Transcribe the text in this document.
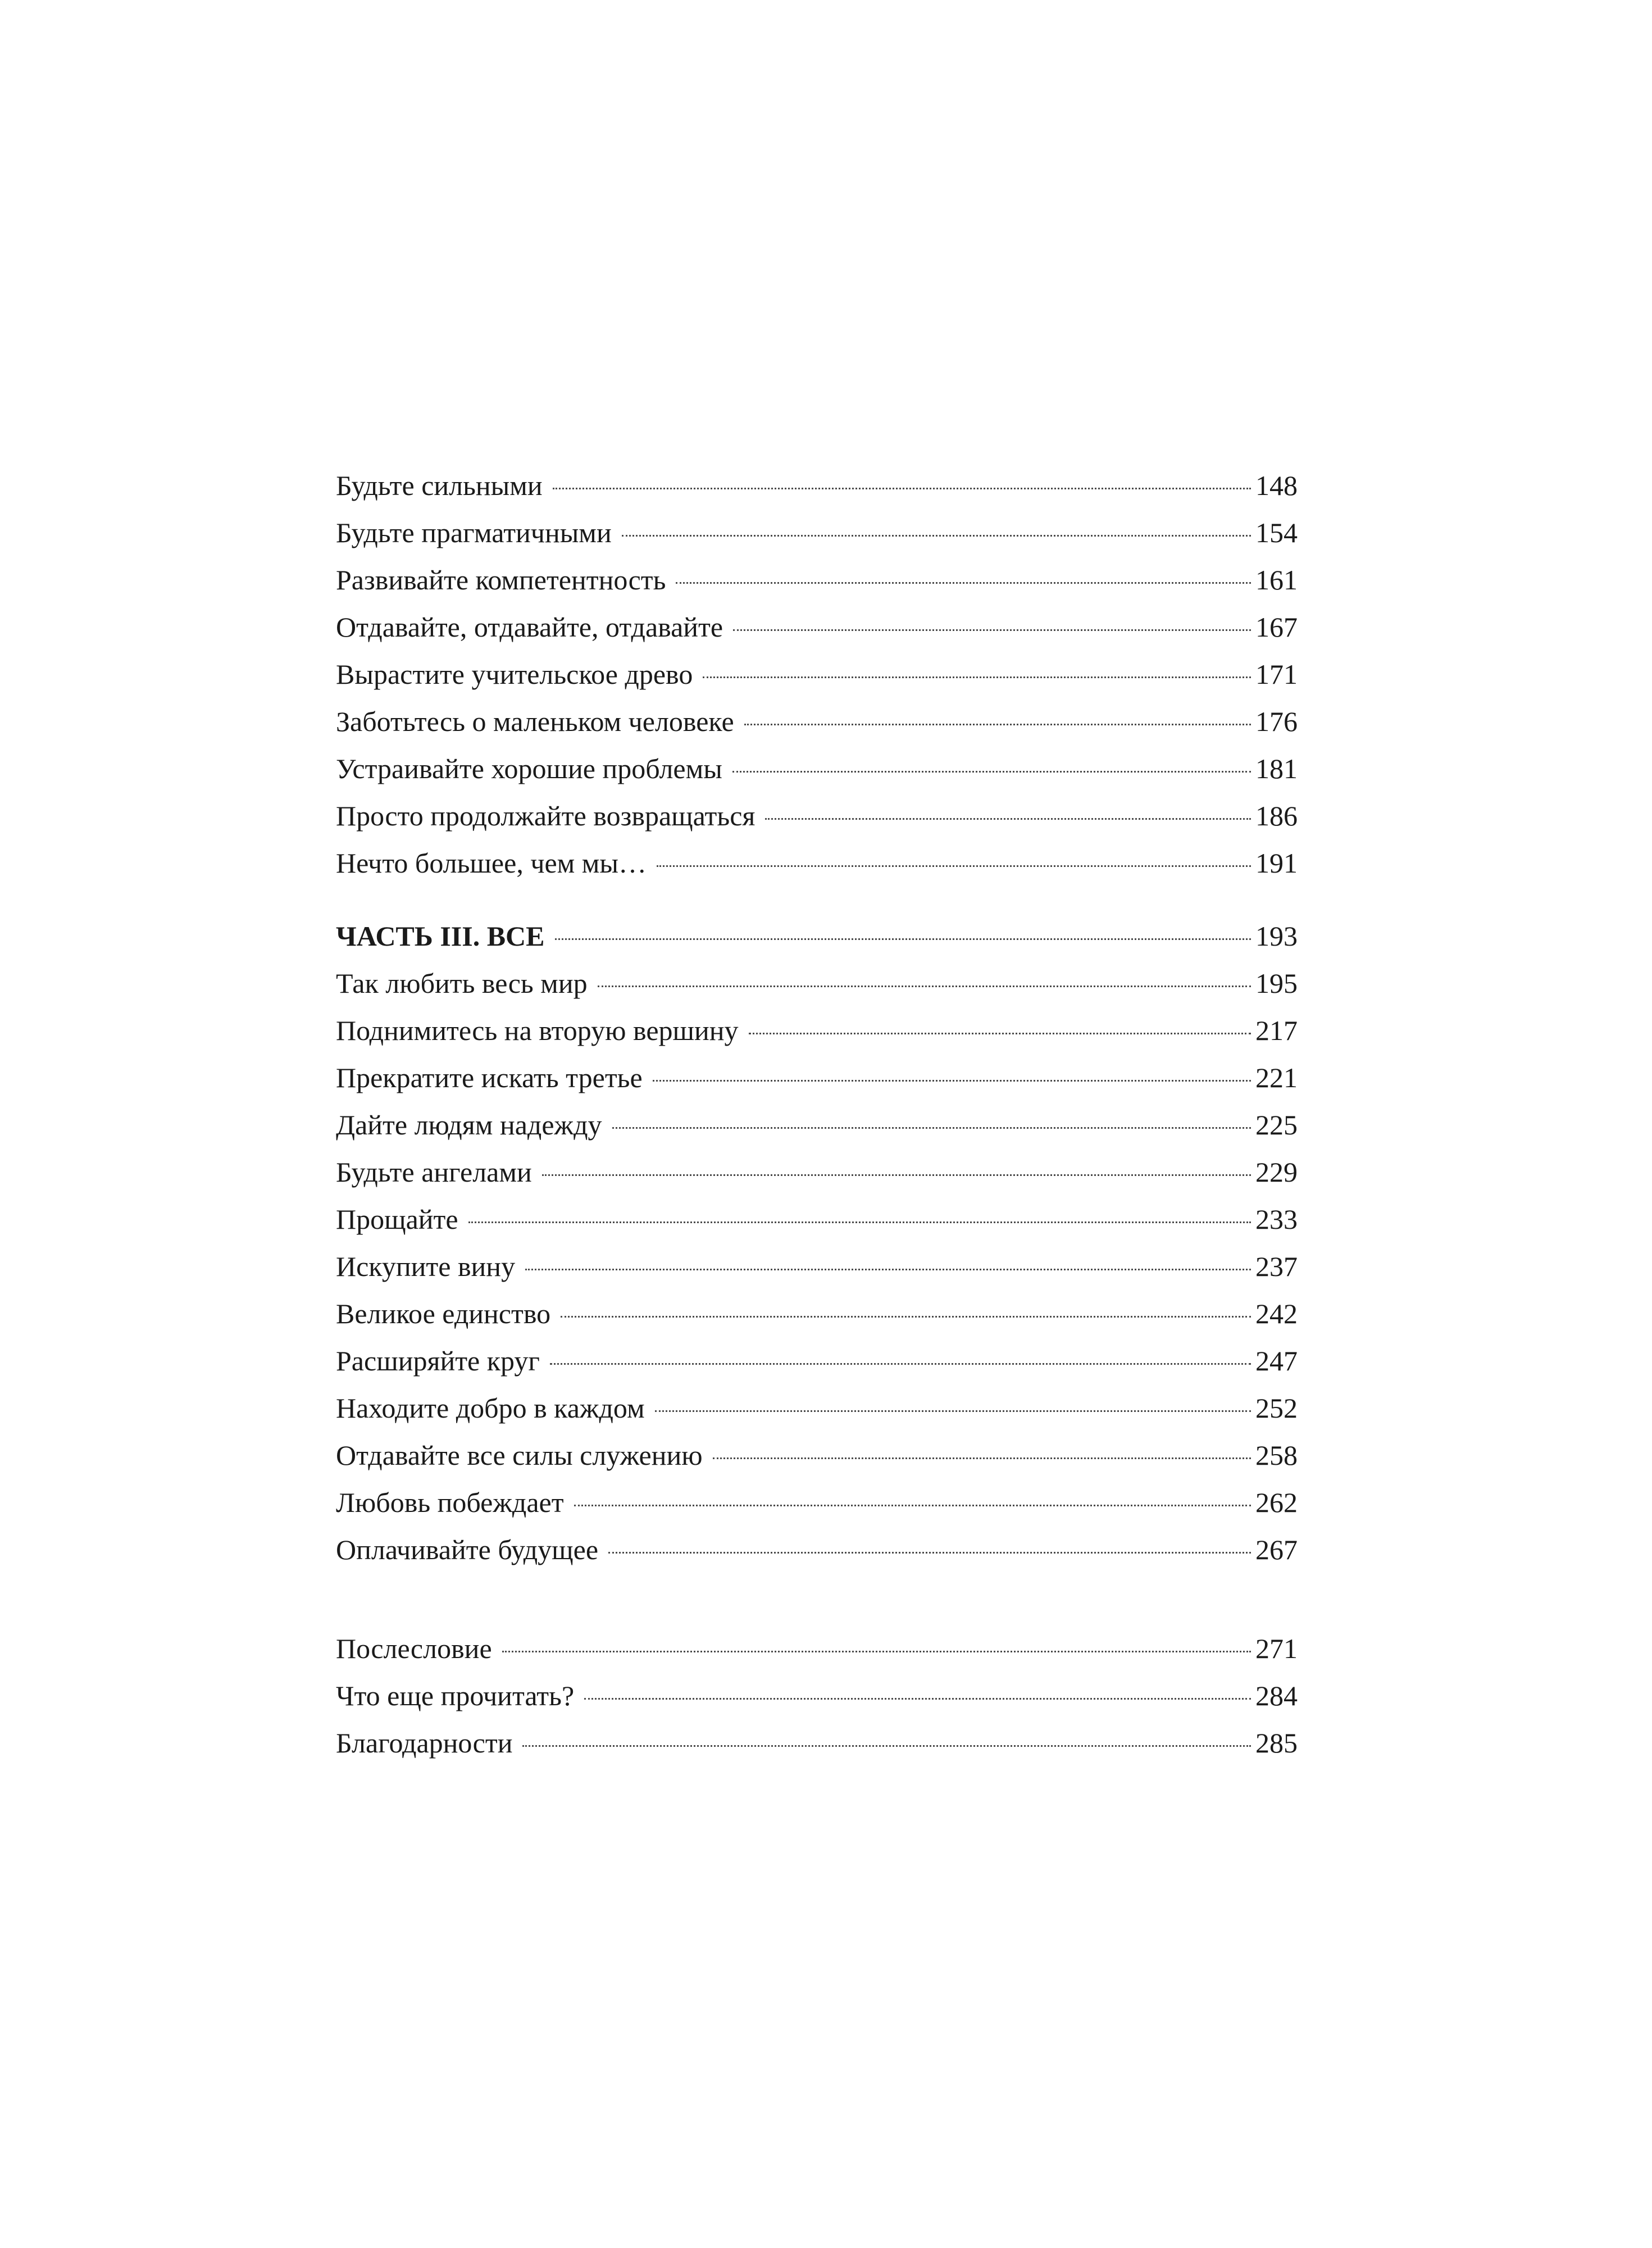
Будьте сильными	148
Будьте прагматичными	154
Развивайте компетентность	161
Отдавайте, отдавайте, отдавайте	167
Вырастите учительское древо	171
Заботьтесь о маленьком человеке	176
Устраивайте хорошие проблемы	181
Просто продолжайте возвращаться	186
Нечто большее, чем мы…	191
ЧАСТЬ III. ВСЕ	193
Так любить весь мир	195
Поднимитесь на вторую вершину	217
Прекратите искать третье	221
Дайте людям надежду	225
Будьте ангелами	229
Прощайте	233
Искупите вину	237
Великое единство	242
Расширяйте круг	247
Находите добро в каждом	252
Отдавайте все силы служению	258
Любовь побеждает	262
Оплачивайте будущее	267
Послесловие	271
Что еще прочитать?	284
Благодарности	285
